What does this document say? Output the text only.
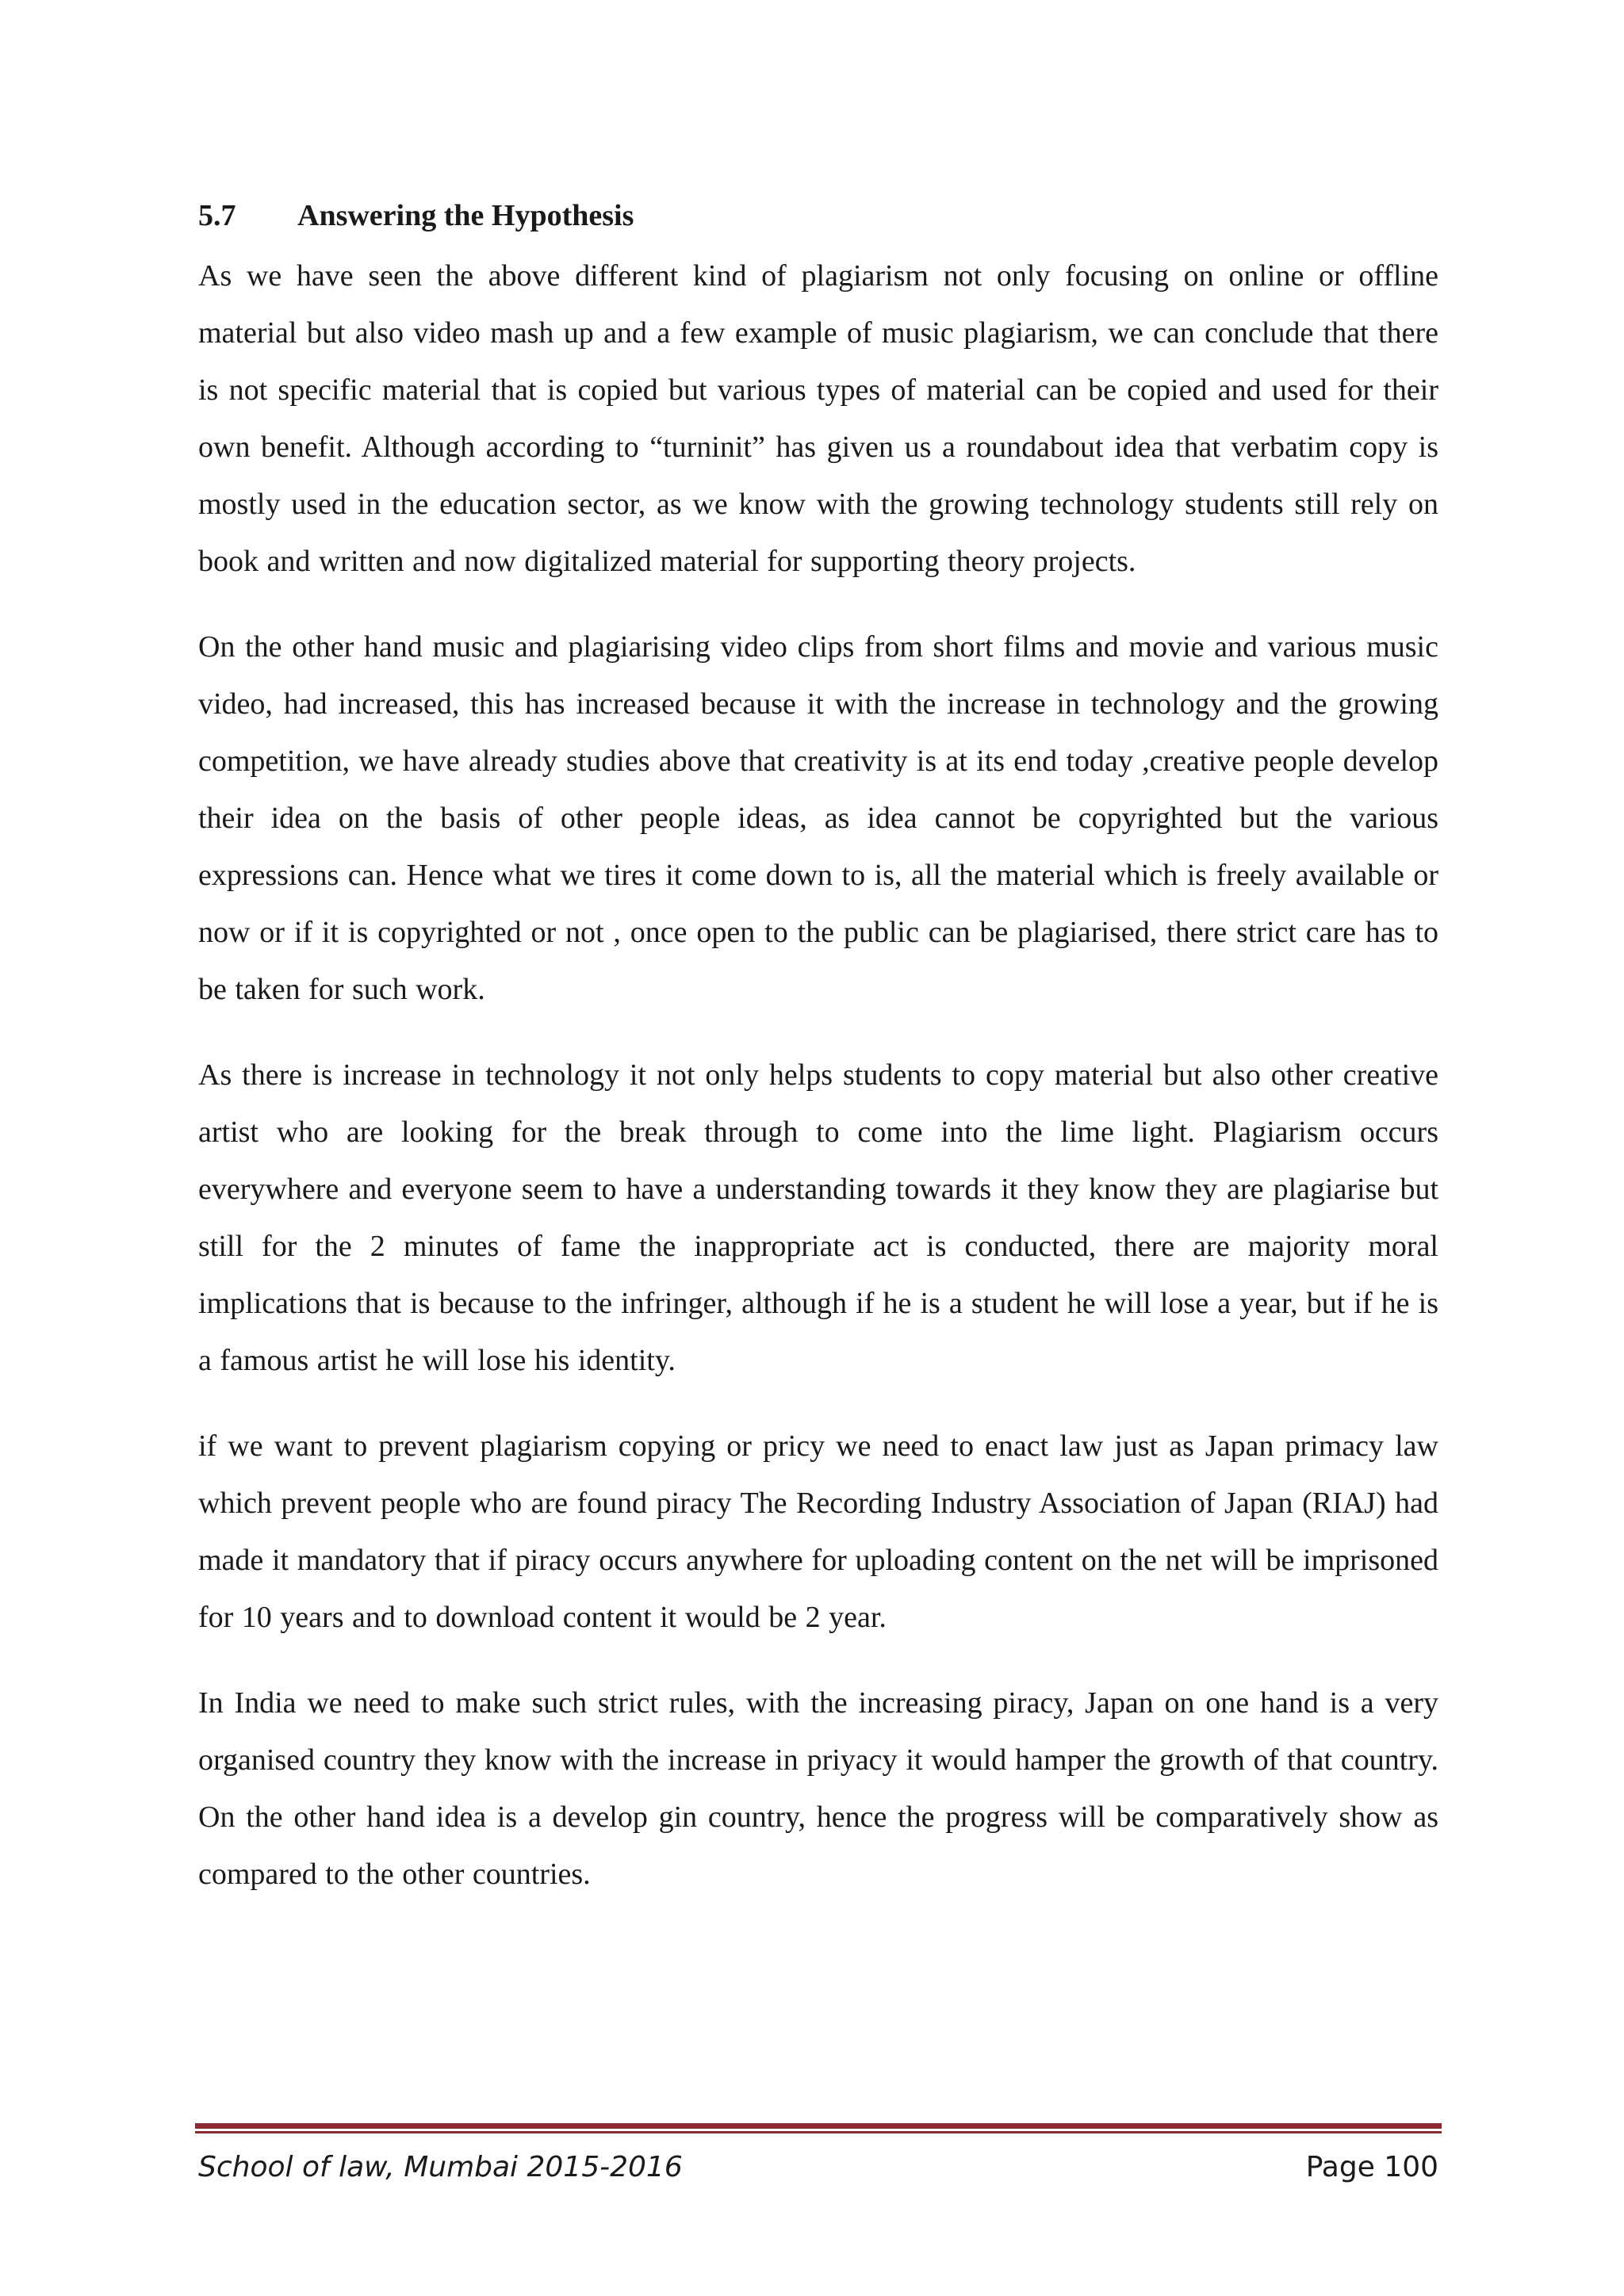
5.7 Answering the Hypothesis

As we have seen the above different kind of plagiarism not only focusing on online or offline material but also video mash up and a few example of music plagiarism, we can conclude that there is not specific material that is copied but various types of material can be copied and used for their own benefit. Although according to “turninit” has given us a roundabout idea that verbatim copy is mostly used in the education sector, as we know with the growing technology students still rely on book and written and now digitalized material for supporting theory projects.

On the other hand music and plagiarising video clips from short films and movie and various music video, had increased, this has increased because it with the increase in technology and the growing competition, we have already studies above that creativity is at its end today ,creative people develop their idea on the basis of other people ideas, as idea cannot be copyrighted but the various expressions can. Hence what we tires it come down to is, all the material which is freely available or now or if it is copyrighted or not , once open to the public can be plagiarised, there strict care has to be taken for such work.

As there is increase in technology it not only helps students to copy material but also other creative artist who are looking for the break through to come into the lime light. Plagiarism occurs everywhere and everyone seem to have a understanding towards it they know they are plagiarise but still for the 2 minutes of fame the inappropriate act is conducted, there are majority moral implications that is because to the infringer, although if he is a student he will lose a year, but if he is a famous artist he will lose his identity.

if we want to prevent plagiarism copying or pricy we need to enact law just as Japan primacy law which prevent people who are found piracy The Recording Industry Association of Japan (RIAJ) had made it mandatory that if piracy occurs anywhere for uploading content on the net will be imprisoned for 10 years and to download content it would be 2 year.

In India we need to make such strict rules, with the increasing piracy, Japan on one hand is a very organised country they know with the increase in priyacy it would hamper the growth of that country. On the other hand idea is a develop gin country, hence the progress will be comparatively show as compared to the other countries.

School of law, Mumbai 2015-2016	Page 100
